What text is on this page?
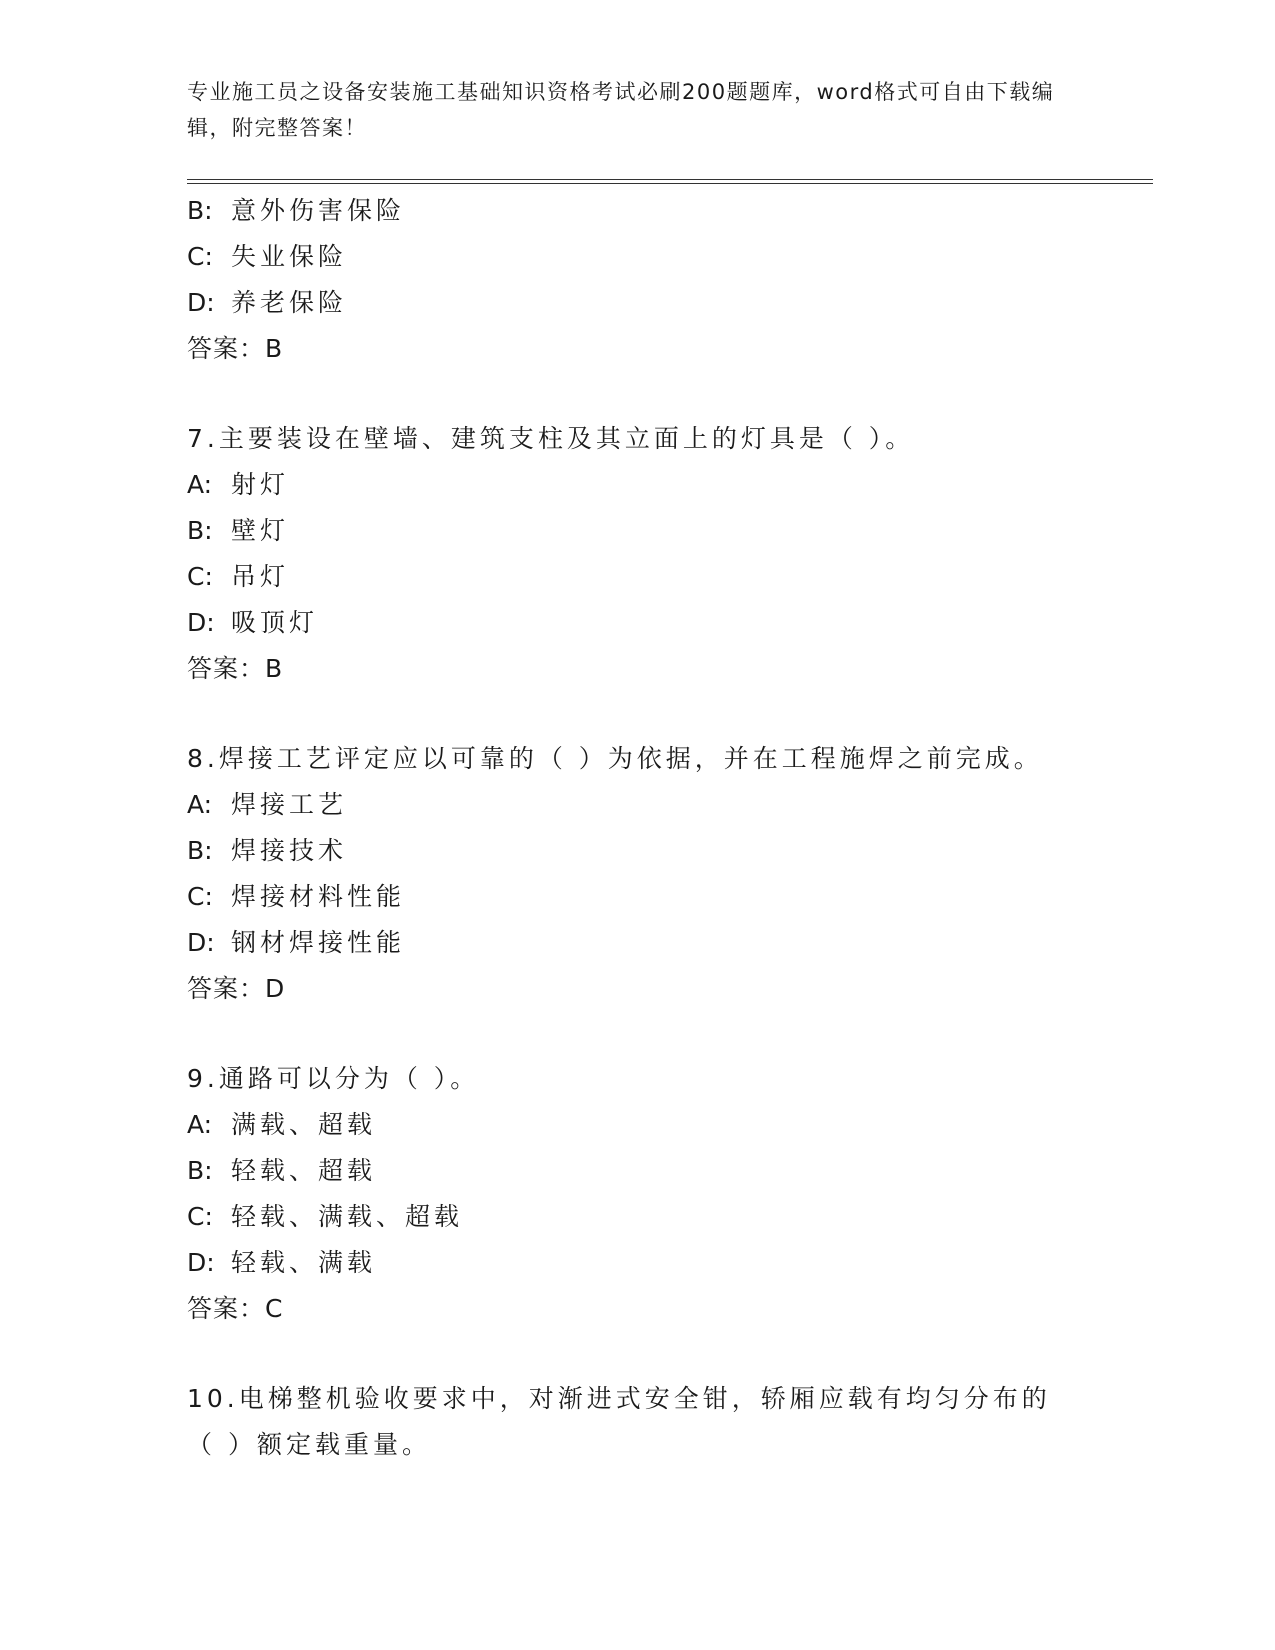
专业施工员之设备安装施工基础知识资格考试必刷200题题库，word格式可自由下载编辑，附完整答案！
B: 意外伤害保险
C: 失业保险
D: 养老保险
答案：B
7.主要装设在壁墙、建筑支柱及其立面上的灯具是（ ）。
A: 射灯
B: 壁灯
C: 吊灯
D: 吸顶灯
答案：B
8.焊接工艺评定应以可靠的（ ）为依据，并在工程施焊之前完成。
A: 焊接工艺
B: 焊接技术
C: 焊接材料性能
D: 钢材焊接性能
答案：D
9.通路可以分为（ ）。
A: 满载、超载
B: 轻载、超载
C: 轻载、满载、超载
D: 轻载、满载
答案：C
10.电梯整机验收要求中，对渐进式安全钳，轿厢应载有均匀分布的（ ）额定载重量。
